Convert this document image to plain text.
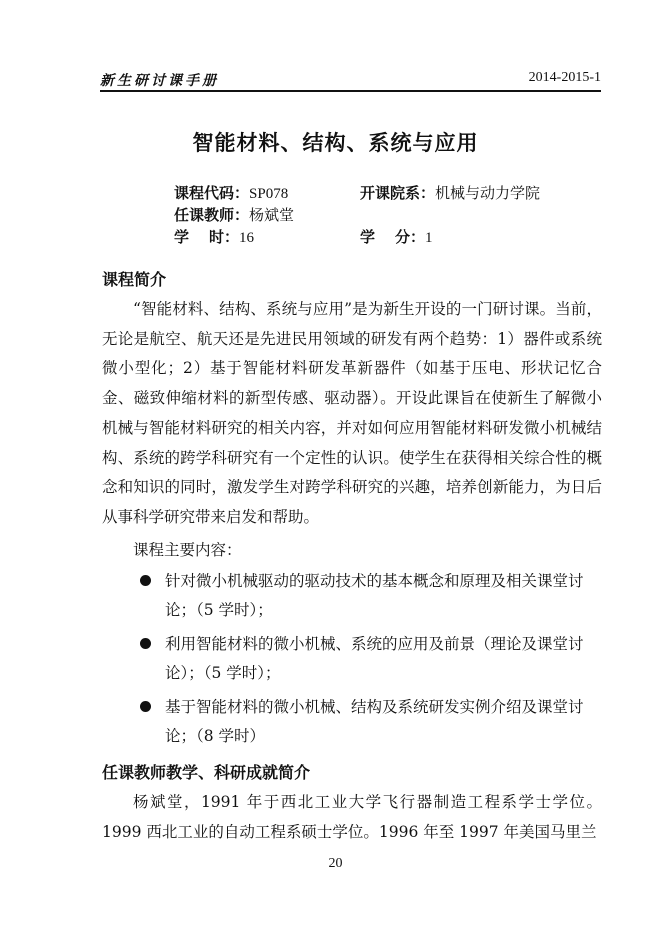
新生研讨课手册	2014-2015-1
智能材料、结构、系统与应用
课程代码：SP078	开课院系：机械与动力学院
任课教师：杨斌堂
学时：16	学分：1
课程简介
“智能材料、结构、系统与应用”是为新生开设的一门研讨课。当前，无论是航空、航天还是先进民用领域的研发有两个趋势：1）器件或系统微小型化；2）基于智能材料研发革新器件（如基于压电、形状记忆合金、磁致伸缩材料的新型传感、驱动器）。开设此课旨在使新生了解微小机械与智能材料研究的相关内容，并对如何应用智能材料研发微小机械结构、系统的跨学科研究有一个定性的认识。使学生在获得相关综合性的概念和知识的同时，激发学生对跨学科研究的兴趣，培养创新能力，为日后从事科学研究带来启发和帮助。
课程主要内容：
针对微小机械驱动的驱动技术的基本概念和原理及相关课堂讨论；（5 学时）；
利用智能材料的微小机械、系统的应用及前景（理论及课堂讨论）；（5 学时）；
基于智能材料的微小机械、结构及系统研发实例介绍及课堂讨论；（8 学时）
任课教师教学、科研成就简介
杨斌堂，1991 年于西北工业大学飞行器制造工程系学士学位。1999 西北工业的自动工程系硕士学位。1996 年至 1997 年美国马里兰
20
